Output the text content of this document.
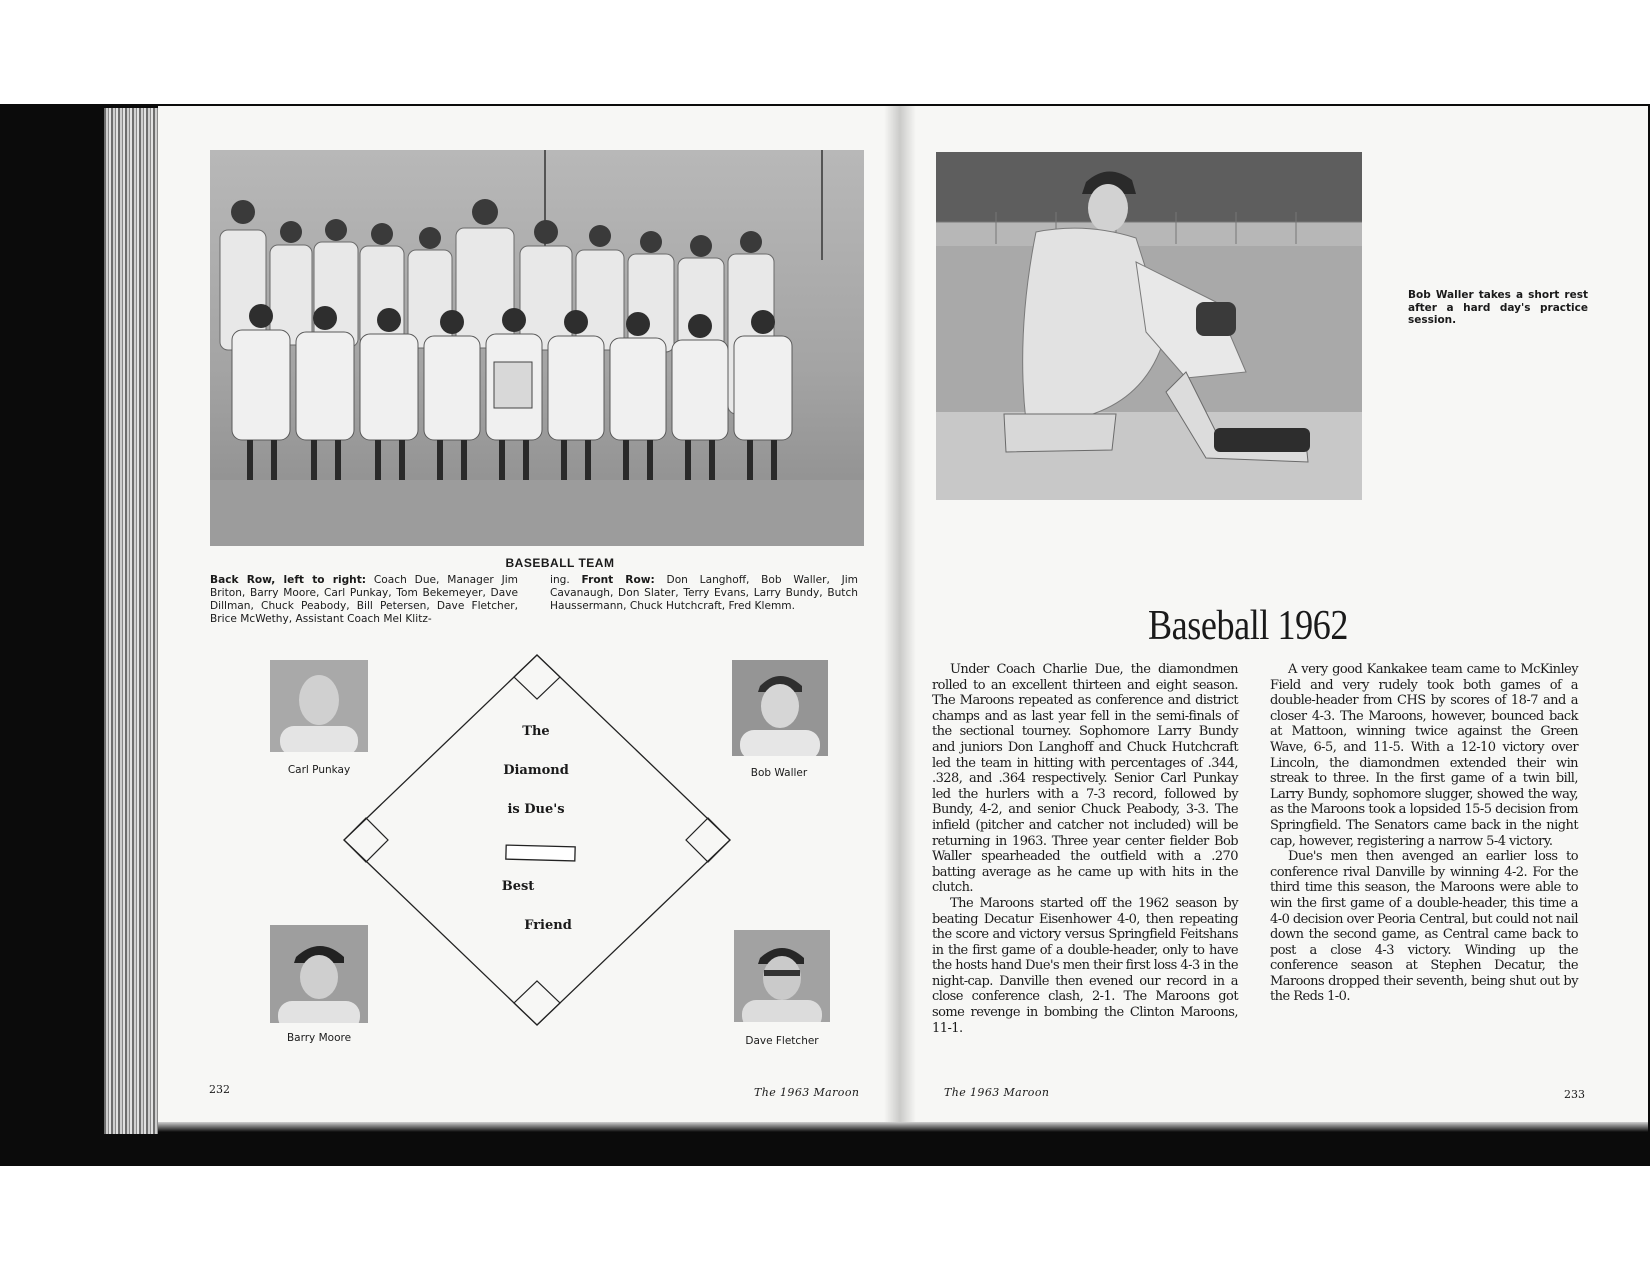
BASEBALL TEAM
Back Row, left to right: Coach Due, Manager Jim Briton, Barry Moore, Carl Punkay, Tom Bekemeyer, Dave Dillman, Chuck Peabody, Bill Petersen, Dave Fletcher, Brice McWethy, Assistant Coach Mel Klitz-
ing. Front Row: Don Langhoff, Bob Waller, Jim Cavanaugh, Don Slater, Terry Evans, Larry Bundy, Butch Haussermann, Chuck Hutchcraft, Fred Klemm.
Carl Punkay	Bob Waller
Barry Moore	Dave Fletcher
The
Diamond
is Due's
Best
Friend
232	The 1963 Maroon
Bob Waller takes a short rest after a hard day's practice session.
Baseball 1962

Under Coach Charlie Due, the diamondmen rolled to an excellent thirteen and eight season. The Maroons repeated as conference and district champs and as last year fell in the semi-finals of the sectional tourney. Sophomore Larry Bundy and juniors Don Langhoff and Chuck Hutchcraft led the team in hitting with percentages of .344, .328, and .364 respectively. Senior Carl Punkay led the hurlers with a 7-3 record, followed by Bundy, 4-2, and senior Chuck Peabody, 3-3. The infield (pitcher and catcher not included) will be returning in 1963. Three year center fielder Bob Waller spearheaded the outfield with a .270 batting average as he came up with hits in the clutch.

The Maroons started off the 1962 season by beating Decatur Eisenhower 4-0, then repeating the score and victory versus Springfield Feitshans in the first game of a double-header, only to have the hosts hand Due's men their first loss 4-3 in the night-cap. Danville then evened our record in a close conference clash, 2-1. The Maroons got some revenge in bombing the Clinton Maroons, 11-1.

A very good Kankakee team came to McKinley Field and very rudely took both games of a double-header from CHS by scores of 18-7 and a closer 4-3. The Maroons, however, bounced back at Mattoon, winning twice against the Green Wave, 6-5, and 11-5. With a 12-10 victory over Lincoln, the diamondmen extended their win streak to three. In the first game of a twin bill, Larry Bundy, sophomore slugger, showed the way, as the Maroons took a lopsided 15-5 decision from Springfield. The Senators came back in the night cap, however, registering a narrow 5-4 victory.

Due's men then avenged an earlier loss to conference rival Danville by winning 4-2. For the third time this season, the Maroons were able to win the first game of a double-header, this time a 4-0 decision over Peoria Central, but could not nail down the second game, as Central came back to post a close 4-3 victory. Winding up the conference season at Stephen Decatur, the Maroons dropped their seventh, being shut out by the Reds 1-0.

The 1963 Maroon	233
